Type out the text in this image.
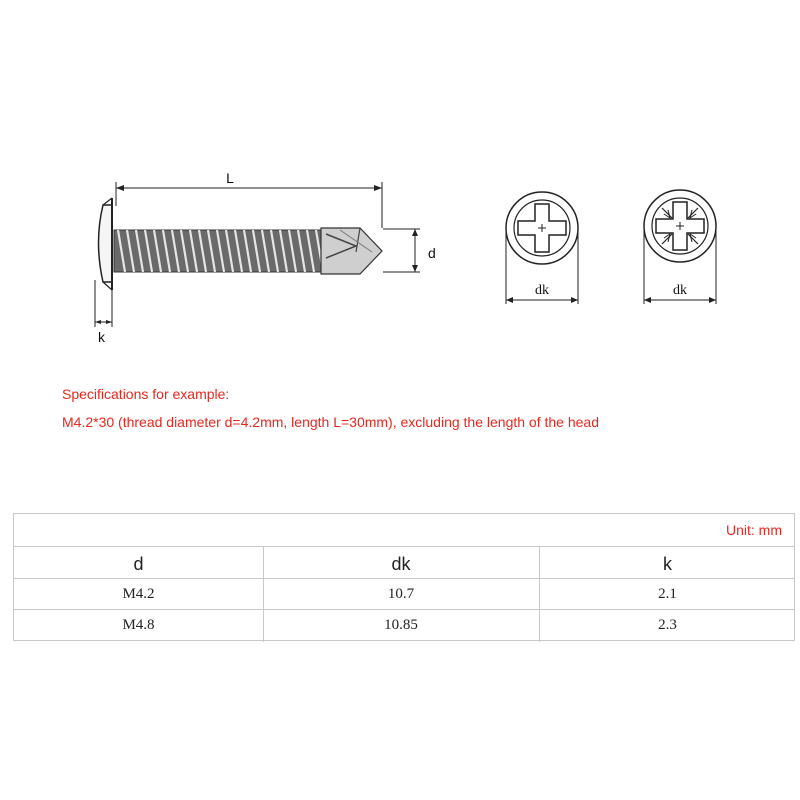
L
d
k
dk	dk
Specifications for example:
M4.2*30 (thread diameter d=4.2mm, length L=30mm), excluding the length of the head
Unit: mm
d	dk	k
M4.2	10.7	2.1
M4.8	10.85	2.3
